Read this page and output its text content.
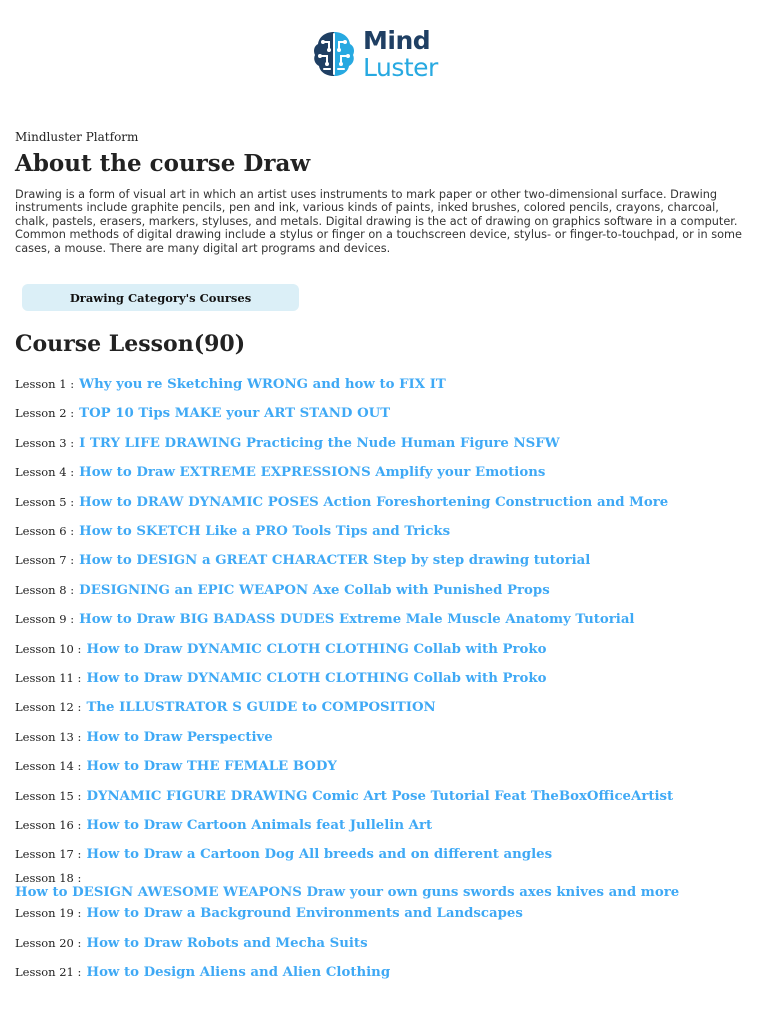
Mind
Luster
Mindluster Platform
About the course Draw

Drawing is a form of visual art in which an artist uses instruments to mark paper or other two-dimensional surface. Drawing instruments include graphite pencils, pen and ink, various kinds of paints, inked brushes, colored pencils, crayons, charcoal, chalk, pastels, erasers, markers, styluses, and metals. Digital drawing is the act of drawing on graphics software in a computer. Common methods of digital drawing include a stylus or finger on a touchscreen device, stylus- or finger-to-touchpad, or in some cases, a mouse. There are many digital art programs and devices.

Drawing Category's Courses
Course Lesson(90)
Lesson 1 : Why you re Sketching WRONG and how to FIX IT
Lesson 2 : TOP 10 Tips MAKE your ART STAND OUT
Lesson 3 : I TRY LIFE DRAWING Practicing the Nude Human Figure NSFW
Lesson 4 : How to Draw EXTREME EXPRESSIONS Amplify your Emotions
Lesson 5 : How to DRAW DYNAMIC POSES Action Foreshortening Construction and More
Lesson 6 : How to SKETCH Like a PRO Tools Tips and Tricks
Lesson 7 : How to DESIGN a GREAT CHARACTER Step by step drawing tutorial
Lesson 8 : DESIGNING an EPIC WEAPON Axe Collab with Punished Props
Lesson 9 : How to Draw BIG BADASS DUDES Extreme Male Muscle Anatomy Tutorial
Lesson 10 : How to Draw DYNAMIC CLOTH CLOTHING Collab with Proko
Lesson 11 : How to Draw DYNAMIC CLOTH CLOTHING Collab with Proko
Lesson 12 : The ILLUSTRATOR S GUIDE to COMPOSITION
Lesson 13 : How to Draw Perspective
Lesson 14 : How to Draw THE FEMALE BODY
Lesson 15 : DYNAMIC FIGURE DRAWING Comic Art Pose Tutorial Feat TheBoxOfficeArtist
Lesson 16 : How to Draw Cartoon Animals feat Jullelin Art
Lesson 17 : How to Draw a Cartoon Dog All breeds and on different angles
Lesson 18 :
How to DESIGN AWESOME WEAPONS Draw your own guns swords axes knives and more
Lesson 19 : How to Draw a Background Environments and Landscapes
Lesson 20 : How to Draw Robots and Mecha Suits
Lesson 21 : How to Design Aliens and Alien Clothing
